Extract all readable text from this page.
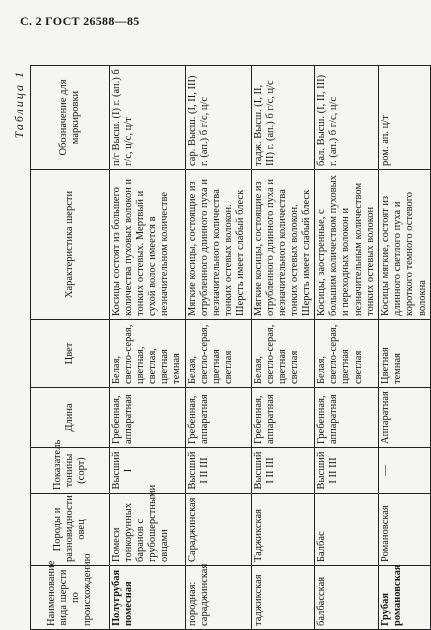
С. 2 ГОСТ 26588—85
Таблица 1
Наименование вида шерсти по происхождению	Породы и разновидности овец	Показатель тонины (сорт)	Длина	Цвет	Характеристика шерсти	Обозначение для маркировки
Полугрубая помесная	Помеси тонкорунных баранов с грубошерстными овцами	Высший I	Гребенная, аппаратная	Белая, светло-серая, цветная, светлая, цветная темная	Косицы состоят из большего количества пуховых волокон и тонких остевых. Мертвый и сухой волос имеется в незначительном количестве	п/г Высш. (I) г. (ап.) б г/с, ц/с, ц/т
породная: сараджинская	Сараджинская	Высший I II III	Гребенная, аппаратная	Белая, светло-серая, цветная светлая	Мягкие косицы, состоящие из отрубленного длинного пуха и незначительного количества тонких остевых волокон. Шерсть имеет слабый блеск	сар. Высш. (I, II, III) г. (ап.) б г/с, ц/с
таджикская	Таджикская	Высший I II III	Гребенная, аппаратная	Белая, светло-серая, цветная светлая	Мягкие косицы, состоящие из отрубленного длинного пуха и незначительного количества тонких остевых волокон. Шерсть имеет слабый блеск	тадж. Высш. (I, II, III) г. (ап.) б г/с, ц/с
балбасская	Балбас	Высший I II III	Гребенная, аппаратная	Белая, светло-серая, цветная светлая	Косицы, заостренные, с большим количеством пуховых и переходных волокон и незначительным количеством тонких остевых волокон	бал. Высш. (I, II, III) г. (ап.) б г/с, ц/с
Грубая романовская	Романовская	—	Аппаратная	Цветная темная	Косицы мягкие, состоят из длинного светлого пуха и короткого темного остевого волокна	ром. ап. ц/т
